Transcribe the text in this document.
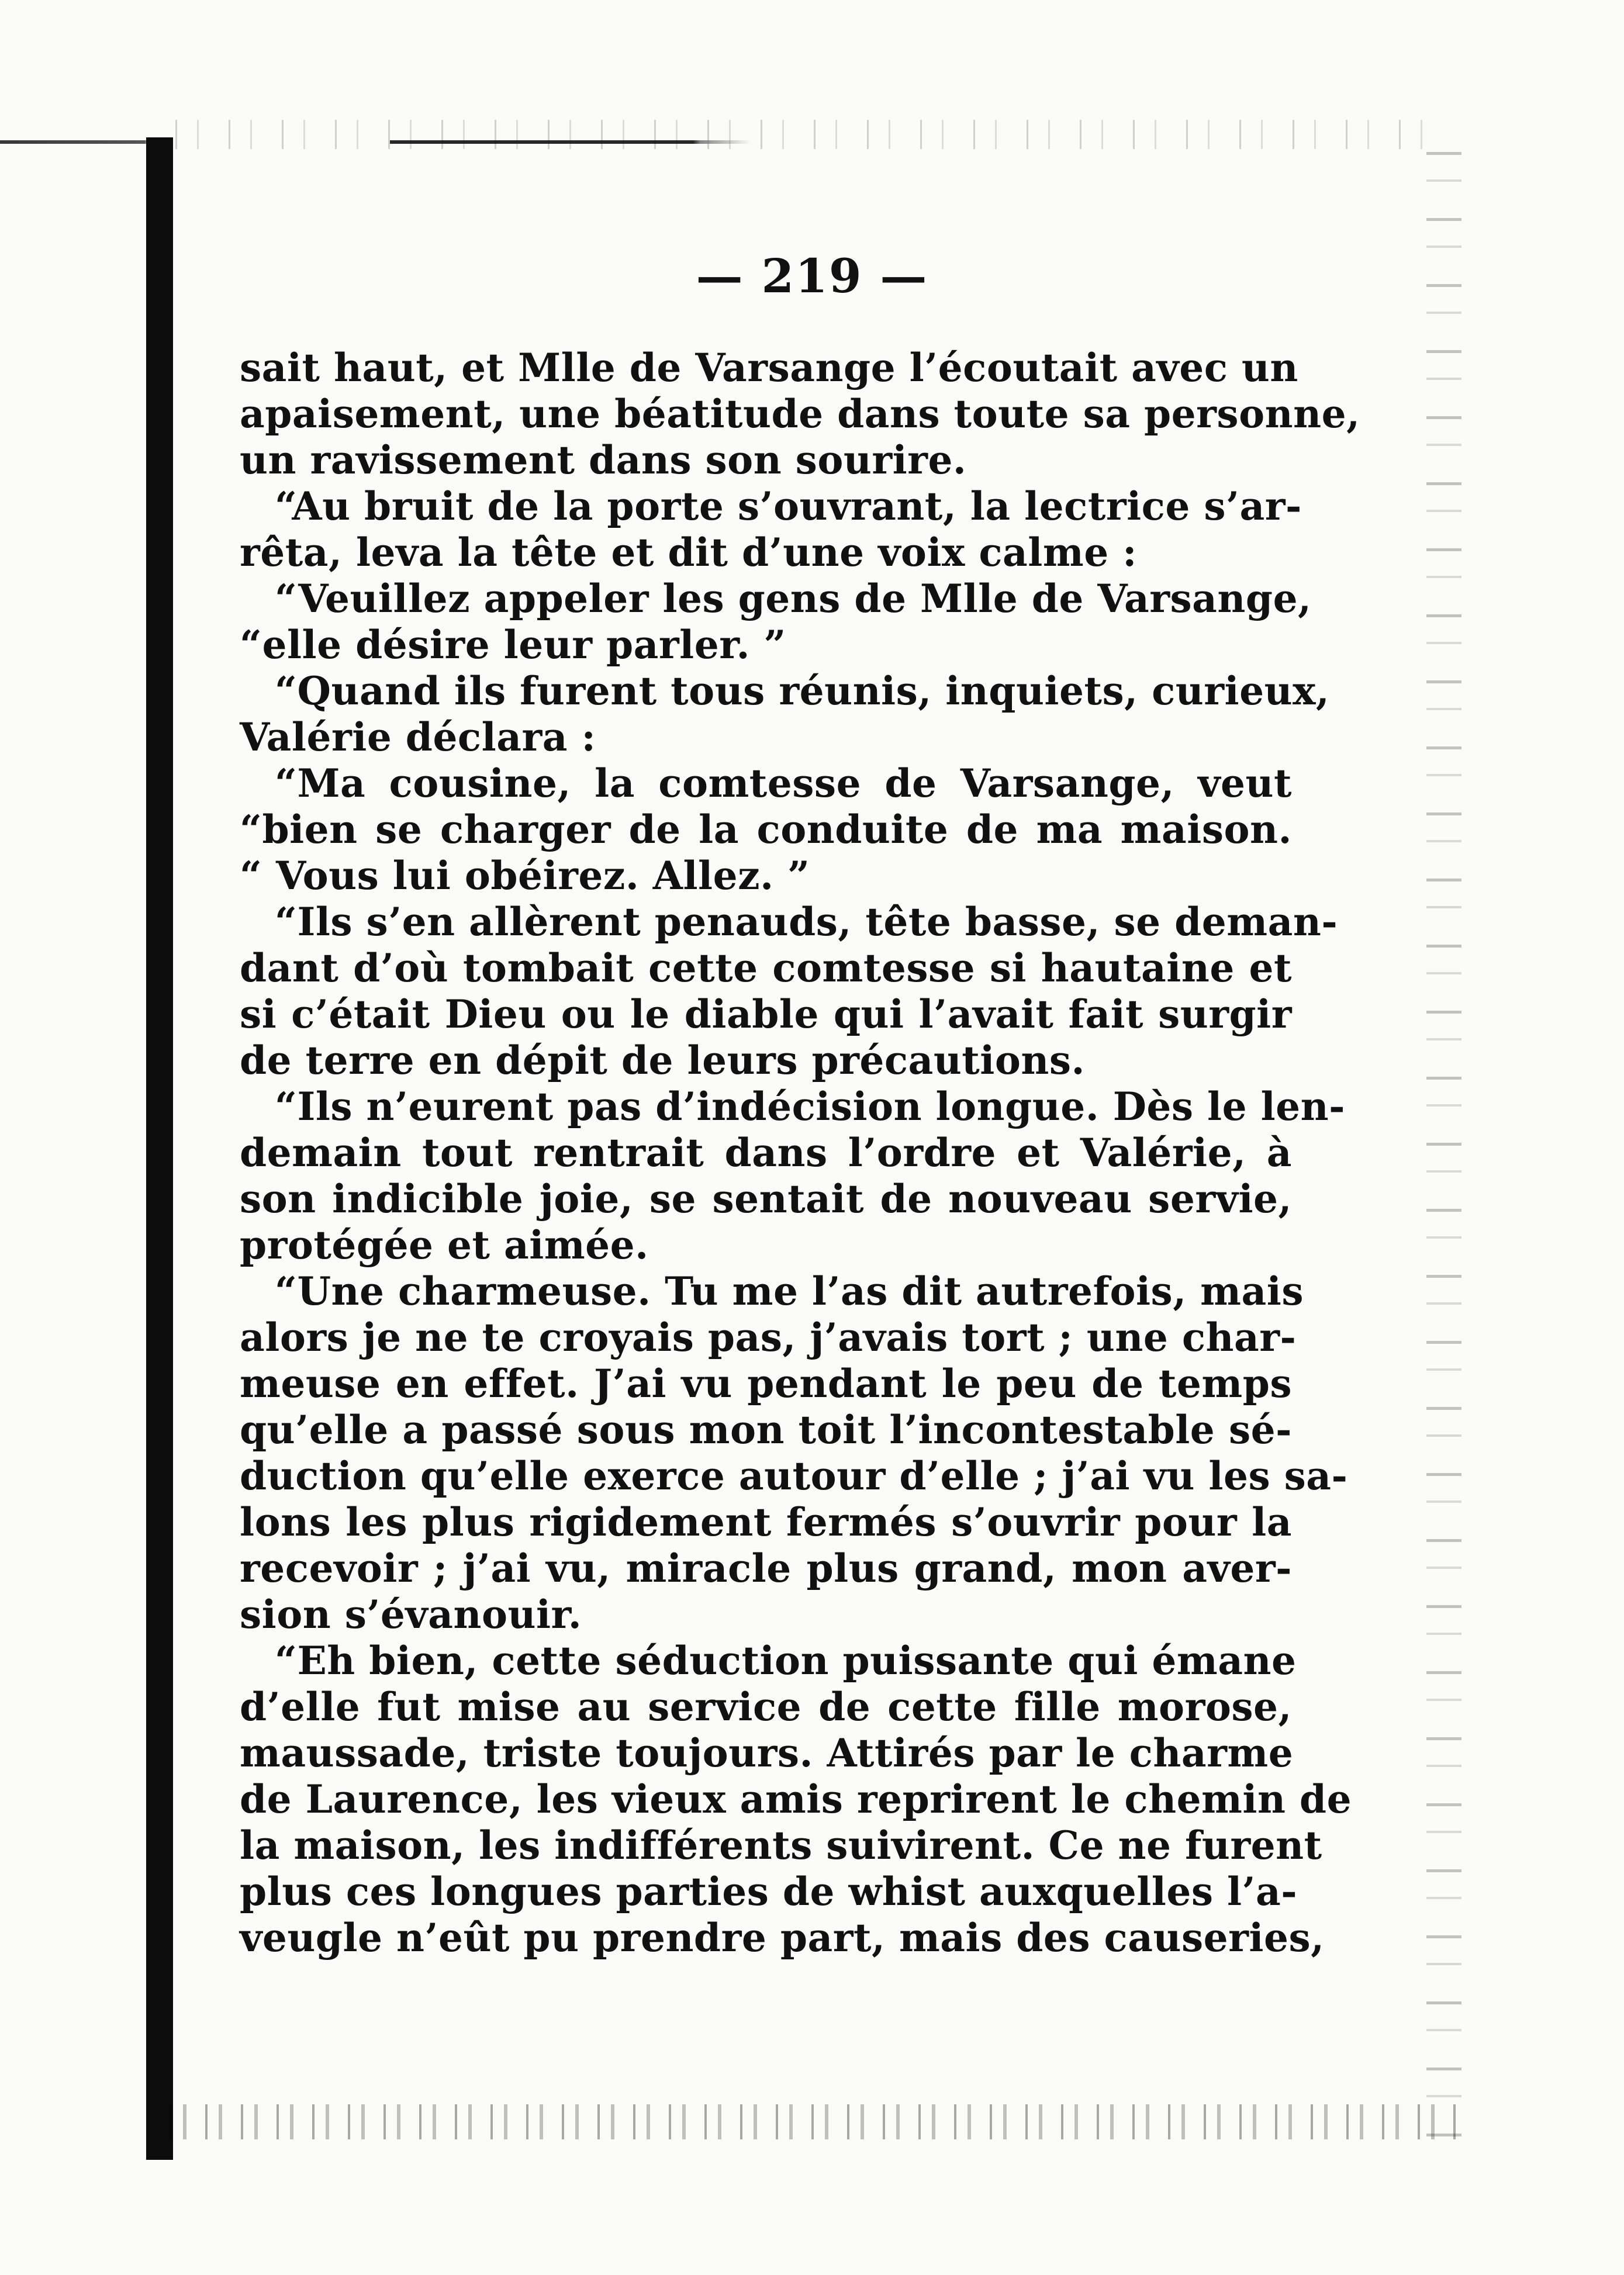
— 219 —
sait haut, et Mlle de Varsange l’écoutait avec un
apaisement, une béatitude dans toute sa personne,
un ravissement dans son sourire.
“Au bruit de la porte s’ouvrant, la lectrice s’ar-
rêta, leva la tête et dit d’une voix calme :
“Veuillez appeler les gens de Mlle de Varsange,
“elle désire leur parler. ”
“Quand ils furent tous réunis, inquiets, curieux,
Valérie déclara :
“Ma cousine, la comtesse de Varsange, veut
“bien se charger de la conduite de ma maison.
“ Vous lui obéirez. Allez. ”
“Ils s’en allèrent penauds, tête basse, se deman-
dant d’où tombait cette comtesse si hautaine et
si c’était Dieu ou le diable qui l’avait fait surgir
de terre en dépit de leurs précautions.
“Ils n’eurent pas d’indécision longue. Dès le len-
demain tout rentrait dans l’ordre et Valérie, à
son indicible joie, se sentait de nouveau servie,
protégée et aimée.
“Une charmeuse. Tu me l’as dit autrefois, mais
alors je ne te croyais pas, j’avais tort ; une char-
meuse en effet. J’ai vu pendant le peu de temps
qu’elle a passé sous mon toit l’incontestable sé-
duction qu’elle exerce autour d’elle ; j’ai vu les sa-
lons les plus rigidement fermés s’ouvrir pour la
recevoir ; j’ai vu, miracle plus grand, mon aver-
sion s’évanouir.
“Eh bien, cette séduction puissante qui émane
d’elle fut mise au service de cette fille morose,
maussade, triste toujours. Attirés par le charme
de Laurence, les vieux amis reprirent le chemin de
la maison, les indifférents suivirent. Ce ne furent
plus ces longues parties de whist auxquelles l’a-
veugle n’eût pu prendre part, mais des causeries,
